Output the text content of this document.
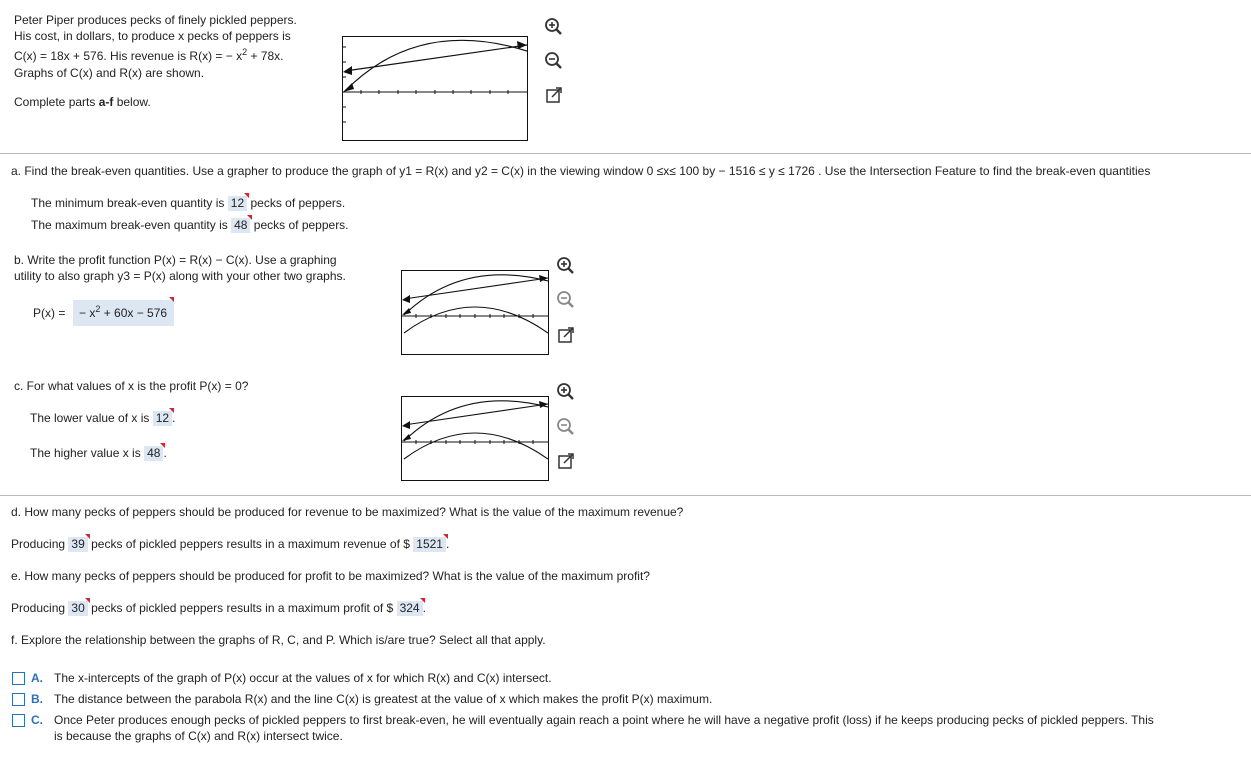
Peter Piper produces pecks of finely pickled peppers.
His cost, in dollars, to produce x pecks of peppers is
C(x) = 18x + 576. His revenue is R(x) = − $x^2 + 78x$.
Graphs of C(x) and R(x) are shown.
Complete parts a-f below.
a. Find the break-even quantities. Use a grapher to produce the graph of y1 = R(x) and y2 = C(x) in the viewing window 0 ≤x≤ 100 by − 1516 ≤ y ≤ 1726 . Use the Intersection Feature to find the break-even quantities
The minimum break-even quantity is 12 pecks of peppers.
The maximum break-even quantity is 48 pecks of peppers.
b. Write the profit function P(x) = R(x) − C(x). Use a graphing
utility to also graph y3 = P(x) along with your other two graphs.
P(x) = − $x^2 + 60x - 576$
c. For what values of x is the profit P(x) = 0?
The lower value of x is 12 .
The higher value x is 48 .
d. How many pecks of peppers should be produced for revenue to be maximized? What is the value of the maximum revenue?
Producing 39 pecks of pickled peppers results in a maximum revenue of $ 1521 .
e. How many pecks of peppers should be produced for profit to be maximized? What is the value of the maximum profit?
Producing 30 pecks of pickled peppers results in a maximum profit of $ 324 .
f. Explore the relationship between the graphs of R, C, and P. Which is/are true? Select all that apply.
A. The x-intercepts of the graph of P(x) occur at the values of x for which R(x) and C(x) intersect.
B. The distance between the parabola R(x) and the line C(x) is greatest at the value of x which makes the profit P(x) maximum.
C. Once Peter produces enough pecks of pickled peppers to first break-even, he will eventually again reach a point where he will have a negative profit (loss) if he keeps producing pecks of pickled peppers. This
is because the graphs of C(x) and R(x) intersect twice.
